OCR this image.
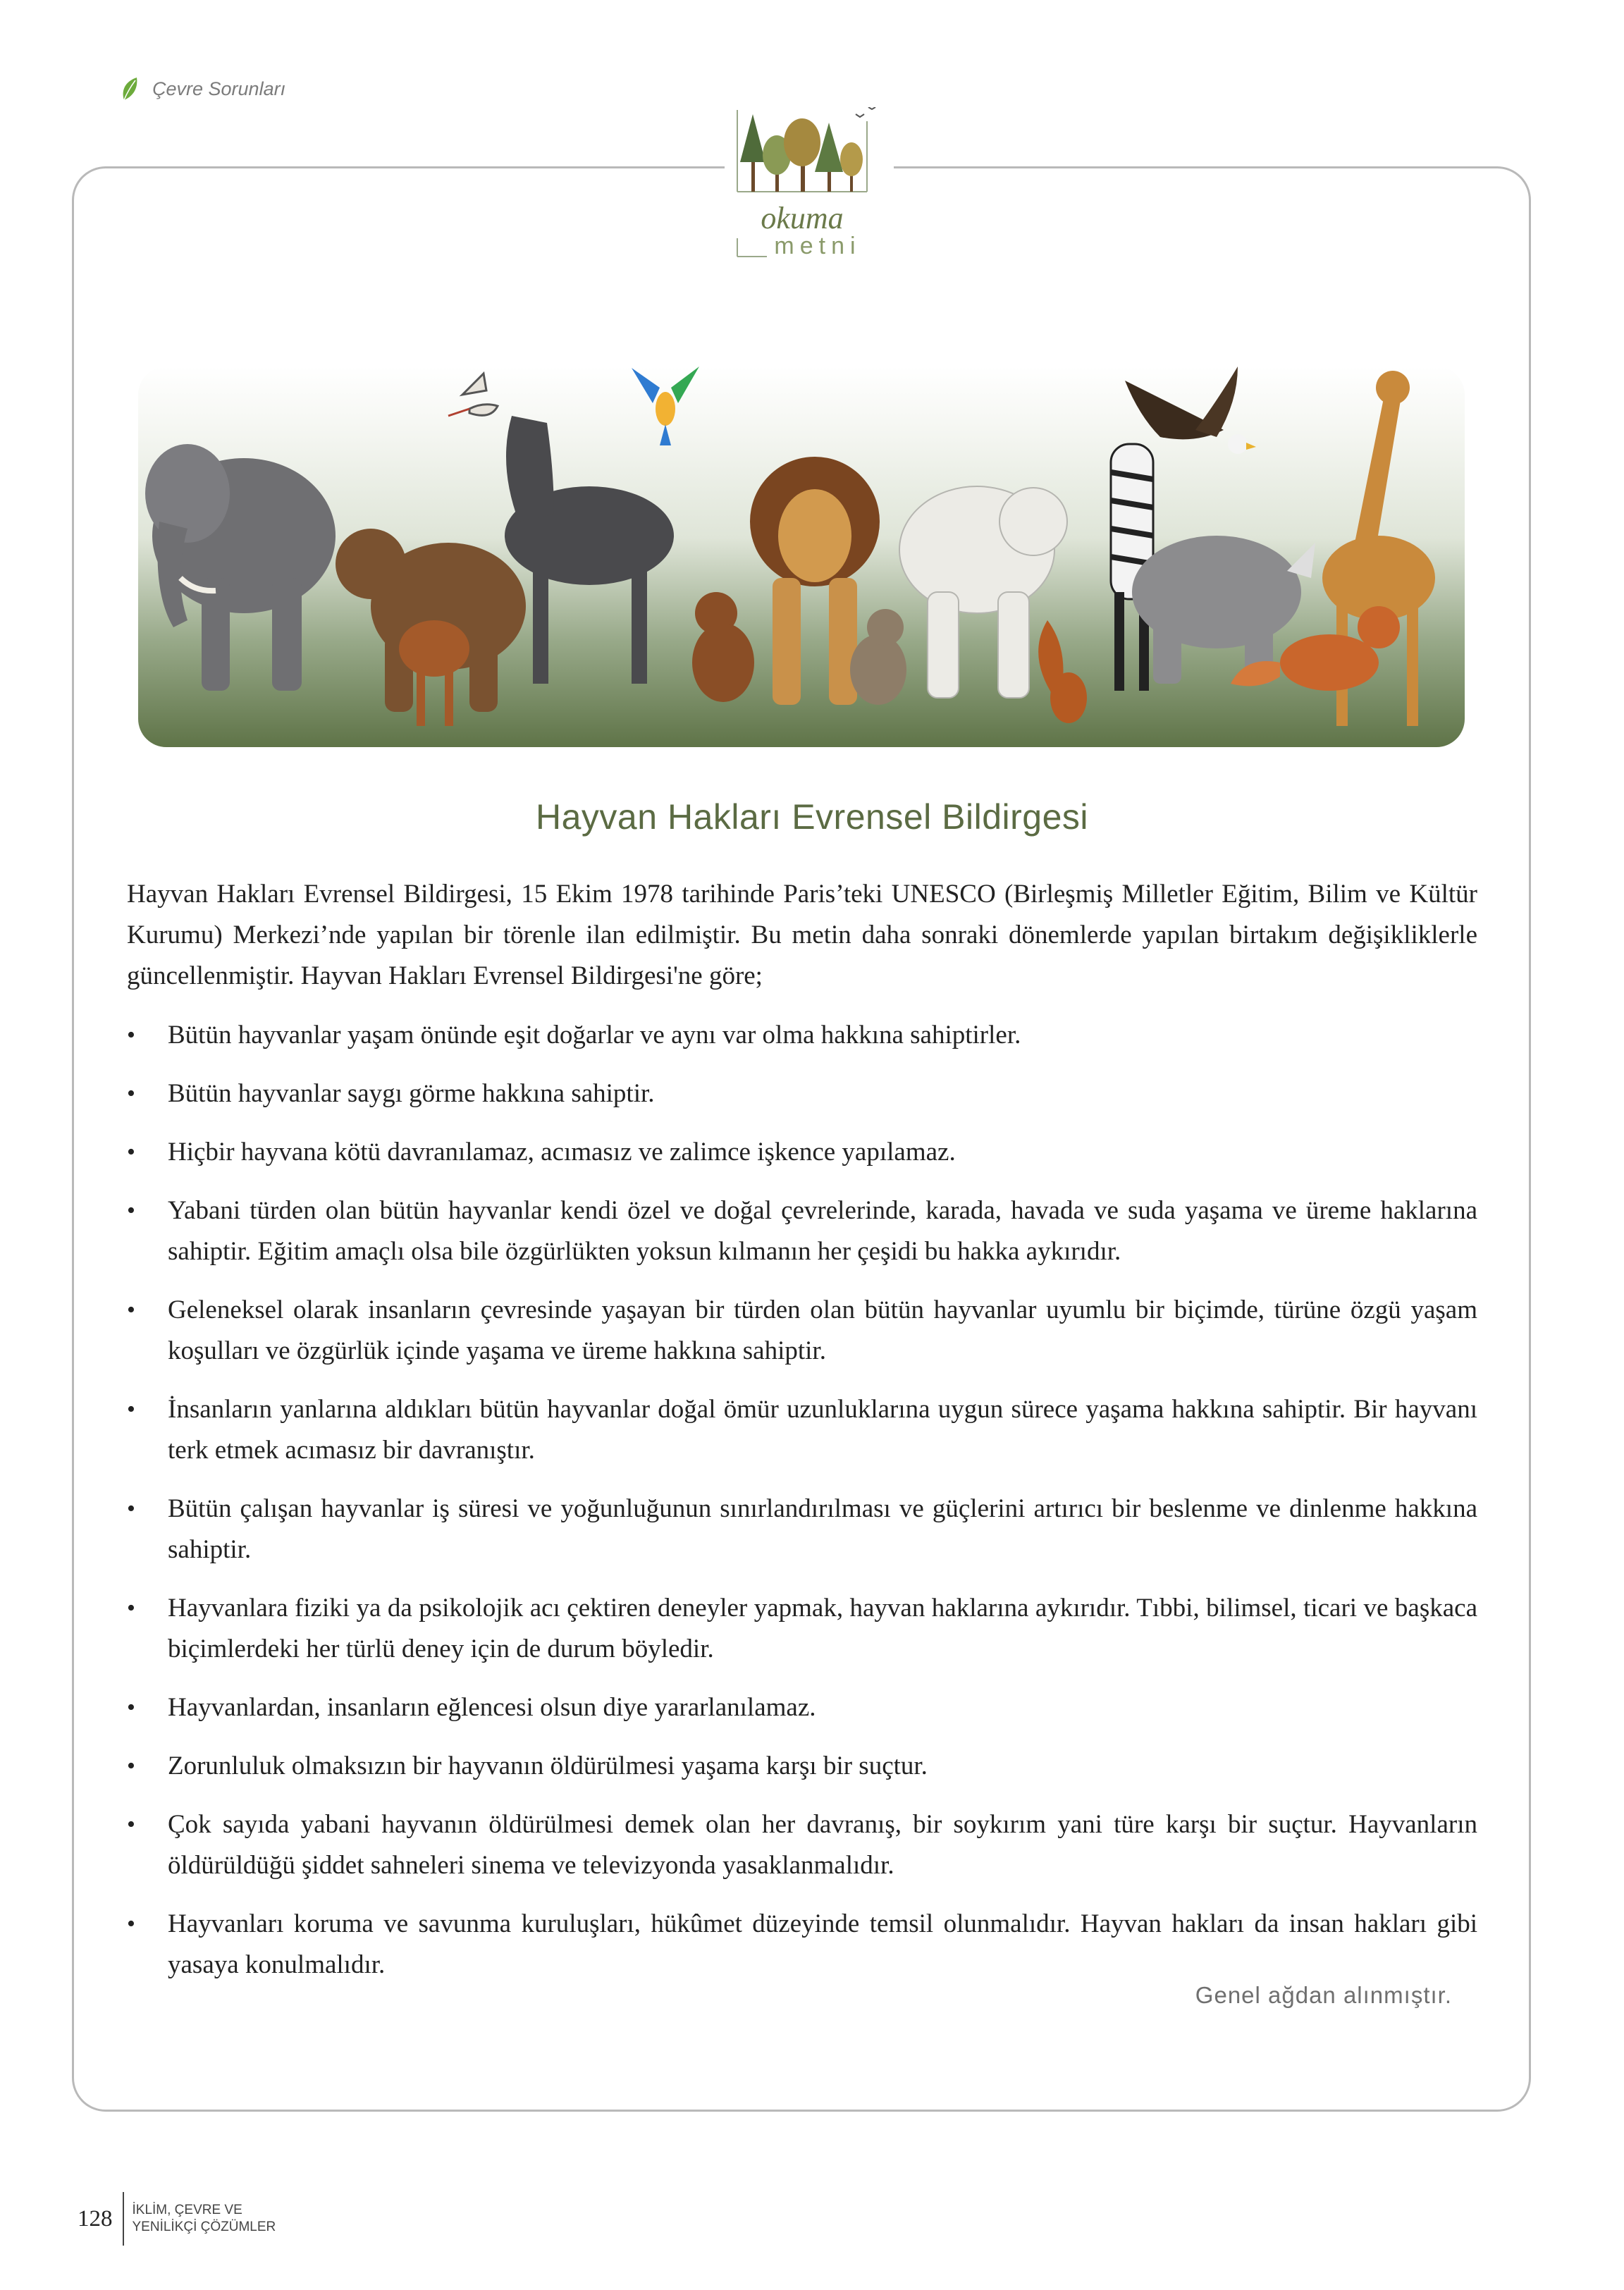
Çevre Sorunları
okuma
metni
Hayvan Hakları Evrensel Bildirgesi

Hayvan Hakları Evrensel Bildirgesi, 15 Ekim 1978 tarihinde Paris’teki UNESCO (Birleşmiş Milletler Eğitim, Bilim ve Kültür Kurumu) Merkezi’nde yapılan bir törenle ilan edilmiştir. Bu metin daha sonraki dönemlerde yapılan birtakım değişikliklerle güncellenmiştir. Hayvan Hakları Evrensel Bildirgesi'ne göre;

•	Bütün hayvanlar yaşam önünde eşit doğarlar ve aynı var olma hakkına sahiptirler.
•	Bütün hayvanlar saygı görme hakkına sahiptir.
•	Hiçbir hayvana kötü davranılamaz, acımasız ve zalimce işkence yapılamaz.
•	Yabani türden olan bütün hayvanlar kendi özel ve doğal çevrelerinde, karada, havada ve suda yaşama ve üreme haklarına sahiptir. Eğitim amaçlı olsa bile özgürlükten yoksun kılmanın her çeşidi bu hakka aykırıdır.
•	Geleneksel olarak insanların çevresinde yaşayan bir türden olan bütün hayvanlar uyumlu bir biçimde, türüne özgü yaşam koşulları ve özgürlük içinde yaşama ve üreme hakkına sahiptir.
•	İnsanların yanlarına aldıkları bütün hayvanlar doğal ömür uzunluklarına uygun sürece yaşama hakkına sahiptir. Bir hayvanı terk etmek acımasız bir davranıştır.
•	Bütün çalışan hayvanlar iş süresi ve yoğunluğunun sınırlandırılması ve güçlerini artırıcı bir beslenme ve dinlenme hakkına sahiptir.
•	Hayvanlara fiziki ya da psikolojik acı çektiren deneyler yapmak, hayvan haklarına aykırıdır. Tıbbi, bilimsel, ticari ve başkaca biçimlerdeki her türlü deney için de durum böyledir.
•	Hayvanlardan, insanların eğlencesi olsun diye yararlanılamaz.
•	Zorunluluk olmaksızın bir hayvanın öldürülmesi yaşama karşı bir suçtur.
•	Çok sayıda yabani hayvanın öldürülmesi demek olan her davranış, bir soykırım yani türe karşı bir suçtur. Hayvanların öldürüldüğü şiddet sahneleri sinema ve televizyonda yasaklanmalıdır.
•	Hayvanları koruma ve savunma kuruluşları, hükûmet düzeyinde temsil olunmalıdır. Hayvan hakları da insan hakları gibi yasaya konulmalıdır.
Genel ağdan alınmıştır.
128	İKLİM, ÇEVRE VE
YENİLİKÇİ ÇÖZÜMLER
